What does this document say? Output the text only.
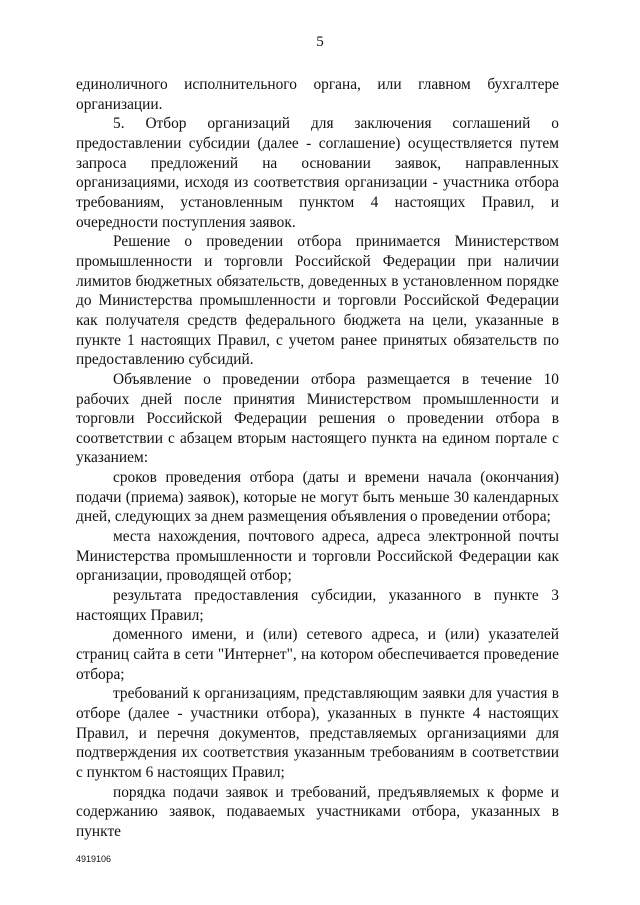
5

единоличного исполнительного органа, или главном бухгалтере организации.

5. Отбор организаций для заключения соглашений о предоставлении субсидии (далее - соглашение) осуществляется путем запроса предложений на основании заявок, направленных организациями, исходя из соответствия организации - участника отбора требованиям, установленным пунктом 4 настоящих Правил, и очередности поступления заявок.

Решение о проведении отбора принимается Министерством промышленности и торговли Российской Федерации при наличии лимитов бюджетных обязательств, доведенных в установленном порядке до Министерства промышленности и торговли Российской Федерации как получателя средств федерального бюджета на цели, указанные в пункте 1 настоящих Правил, с учетом ранее принятых обязательств по предоставлению субсидий.

Объявление о проведении отбора размещается в течение 10 рабочих дней после принятия Министерством промышленности и торговли Российской Федерации решения о проведении отбора в соответствии с абзацем вторым настоящего пункта на едином портале с указанием:

сроков проведения отбора (даты и времени начала (окончания) подачи (приема) заявок), которые не могут быть меньше 30 календарных дней, следующих за днем размещения объявления о проведении отбора;

места нахождения, почтового адреса, адреса электронной почты Министерства промышленности и торговли Российской Федерации как организации, проводящей отбор;

результата предоставления субсидии, указанного в пункте 3 настоящих Правил;

доменного имени, и (или) сетевого адреса, и (или) указателей страниц сайта в сети "Интернет", на котором обеспечивается проведение отбора;

требований к организациям, представляющим заявки для участия в отборе (далее - участники отбора), указанных в пункте 4 настоящих Правил, и перечня документов, представляемых организациями для подтверждения их соответствия указанным требованиям в соответствии с пунктом 6 настоящих Правил;

порядка подачи заявок и требований, предъявляемых к форме и содержанию заявок, подаваемых участниками отбора, указанных в пункте

4919106
